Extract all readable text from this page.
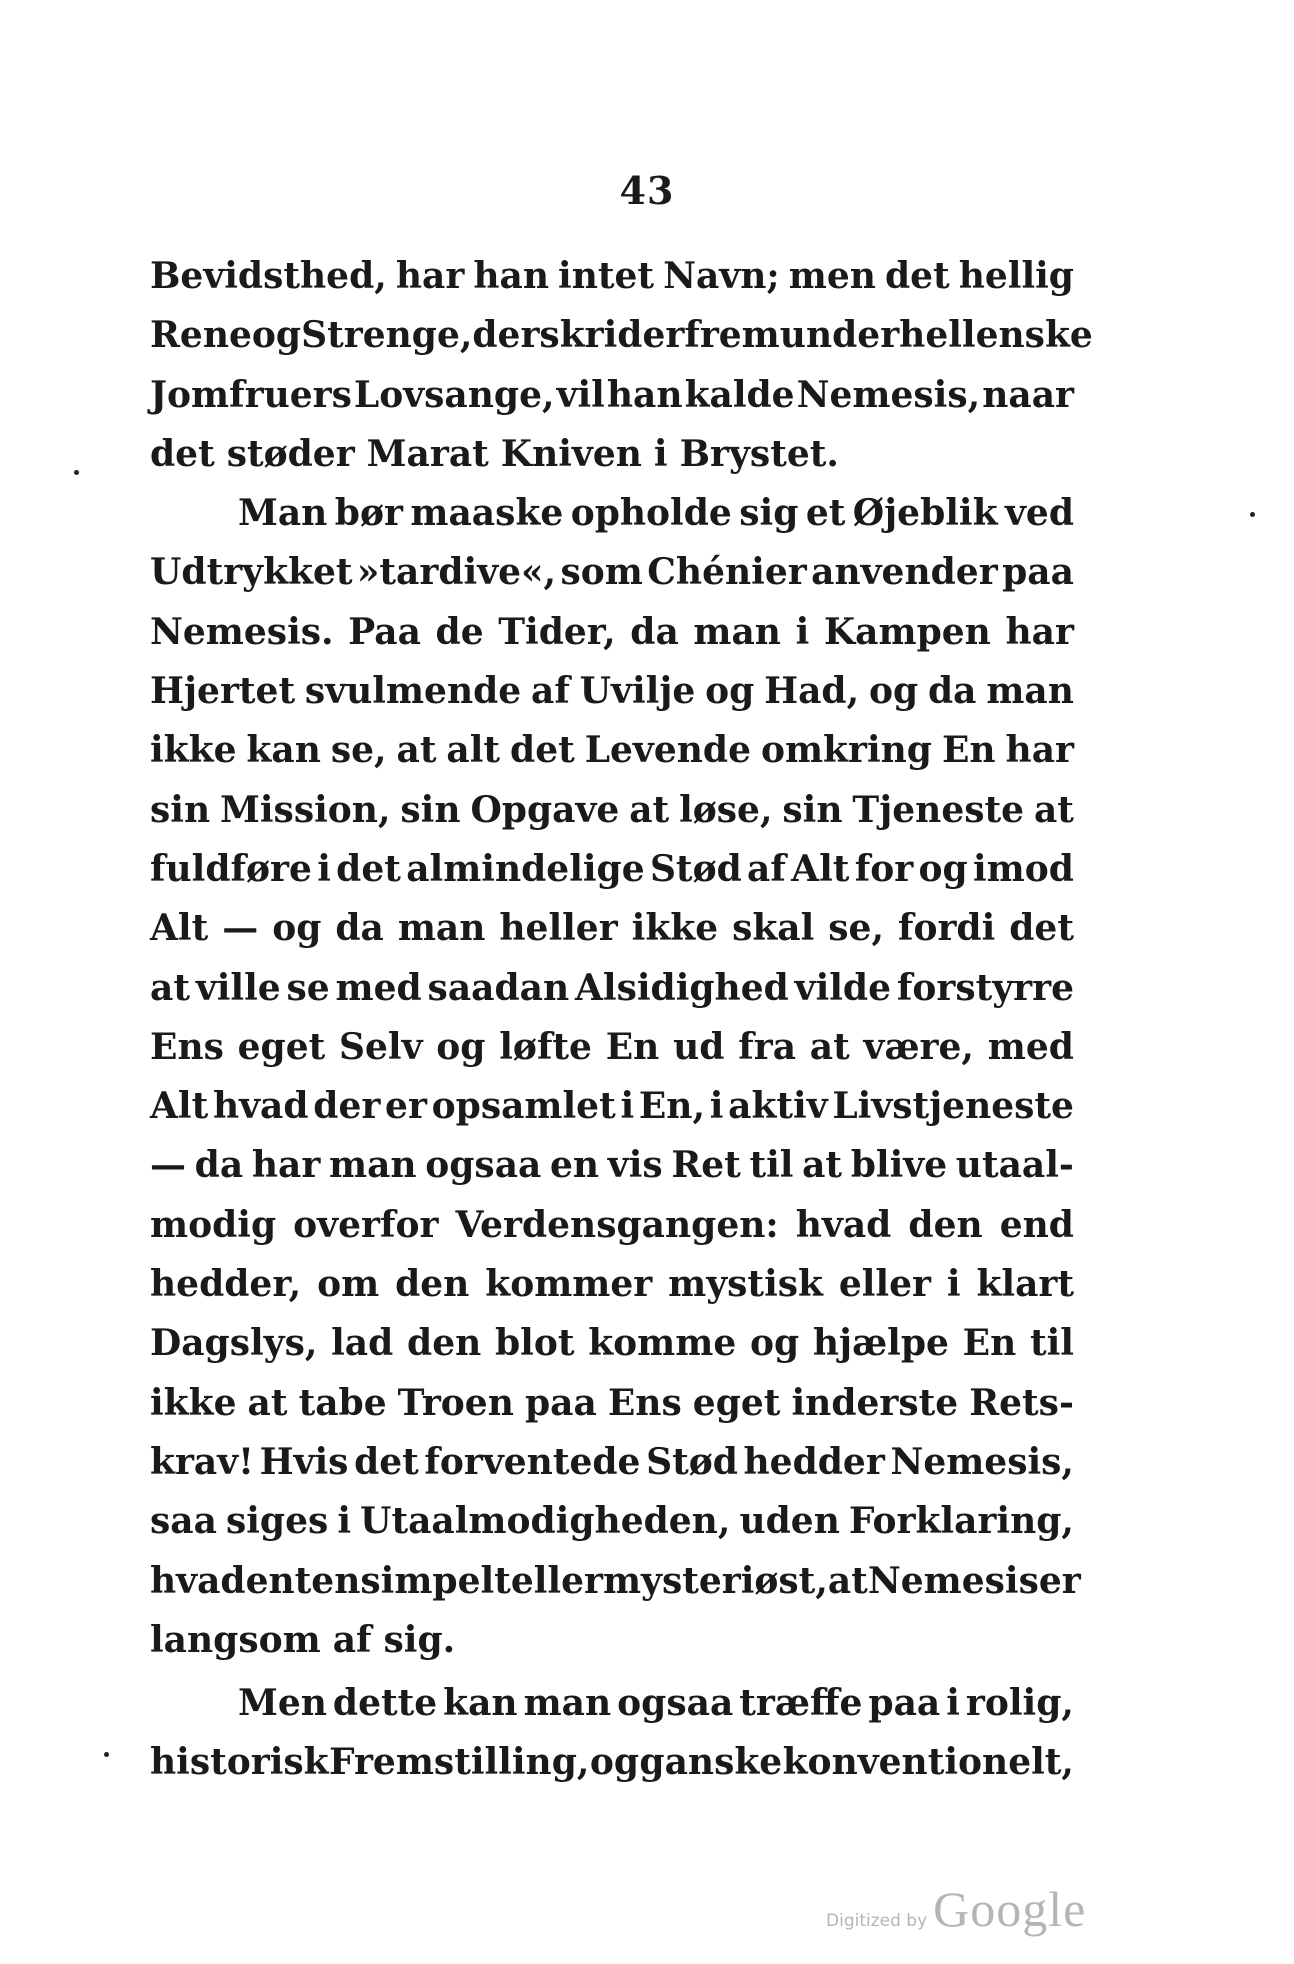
43
Bevidsthed, har han intet Navn; men det hellig
Rene og Strenge, der skrider frem under hellenske
Jomfruers Lovsange, vil han kalde Nemesis, naar
det støder Marat Kniven i Brystet.
Man bør maaske opholde sig et Øjeblik ved
Udtrykket »tardive«, som Chénier anvender paa
Nemesis. Paa de Tider, da man i Kampen har
Hjertet svulmende af Uvilje og Had, og da man
ikke kan se, at alt det Levende omkring En har
sin Mission, sin Opgave at løse, sin Tjeneste at
fuldføre i det almindelige Stød af Alt for og imod
Alt — og da man heller ikke skal se, fordi det
at ville se med saadan Alsidighed vilde forstyrre
Ens eget Selv og løfte En ud fra at være, med
Alt hvad der er opsamlet i En, i aktiv Livstjeneste
— da har man ogsaa en vis Ret til at blive utaal-
modig overfor Verdensgangen: hvad den end
hedder, om den kommer mystisk eller i klart
Dagslys, lad den blot komme og hjælpe En til
ikke at tabe Troen paa Ens eget inderste Rets-
krav! Hvis det forventede Stød hedder Nemesis,
saa siges i Utaalmodigheden, uden Forklaring,
hvad enten simpelt eller mysteriøst, at Nemesis er
langsom af sig.
Men dette kan man ogsaa træffe paa i rolig,
historisk Fremstilling, og ganske konventionelt,
Digitized by Google
